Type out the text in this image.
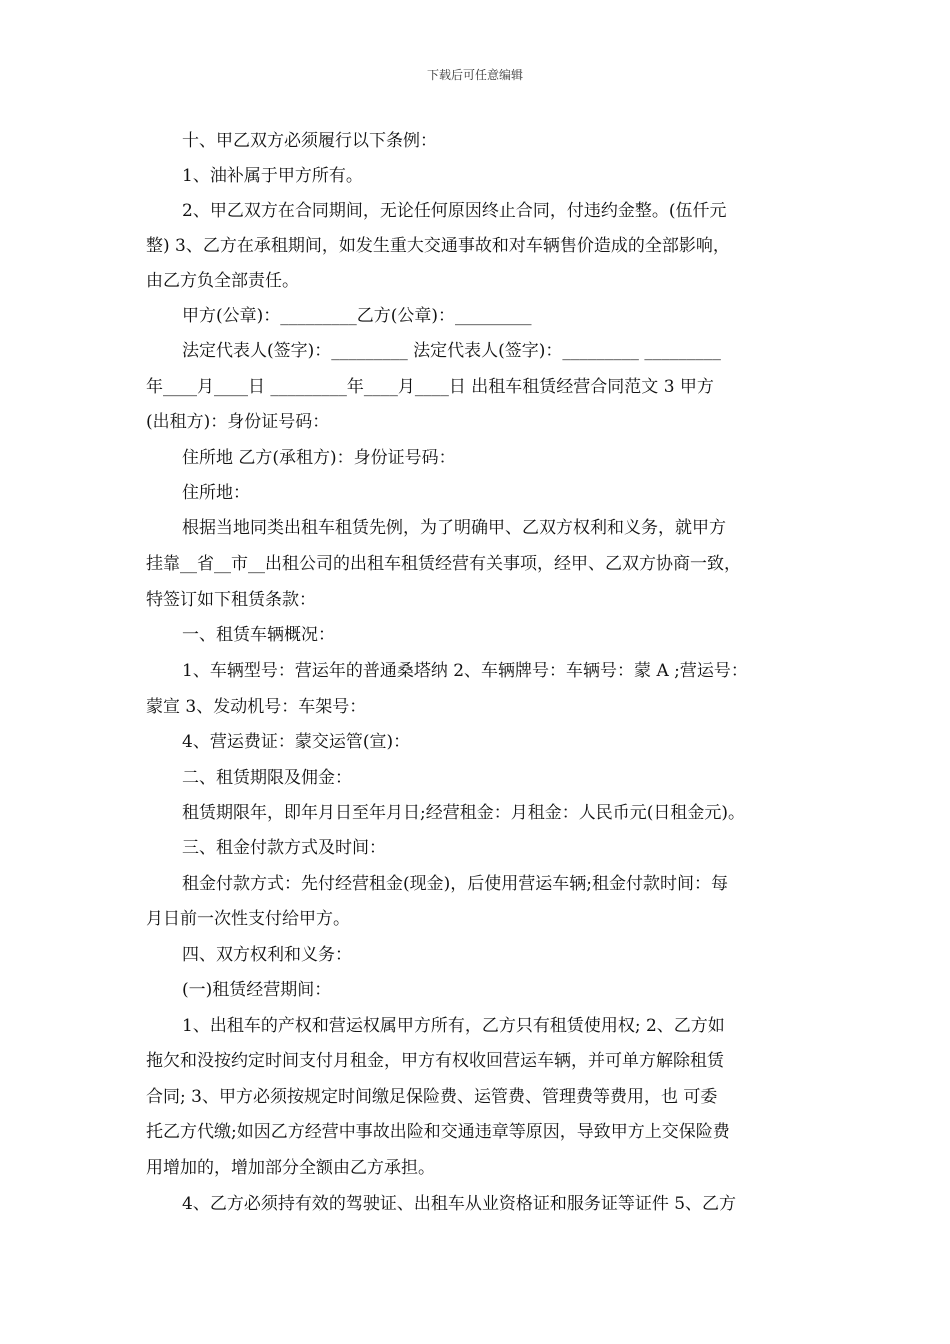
下载后可任意编辑
十、甲乙双方必须履行以下条例：
1、油补属于甲方所有。
2、甲乙双方在合同期间，无论任何原因终止合同，付违约金整。(伍仟元
整) 3、乙方在承租期间，如发生重大交通事故和对车辆售价造成的全部影响，
由乙方负全部责任。
甲方(公章)：_________乙方(公章)：_________
法定代表人(签字)：_________ 法定代表人(签字)：_________ _________
年____月____日 _________年____月____日 出租车租赁经营合同范文 3 甲方
(出租方)：身份证号码：
住所地 乙方(承租方)：身份证号码：
住所地：
根据当地同类出租车租赁先例，为了明确甲、乙双方权利和义务，就甲方
挂靠__省__市__出租公司的出租车租赁经营有关事项，经甲、乙双方协商一致，
特签订如下租赁条款：
一、租赁车辆概况：
1、车辆型号：营运年的普通桑塔纳 2、车辆牌号：车辆号：蒙 A ;营运号：
蒙宣 3、发动机号：车架号：
4、营运费证：蒙交运管(宣)：
二、租赁期限及佣金：
租赁期限年，即年月日至年月日;经营租金：月租金：人民币元(日租金元)。
三、租金付款方式及时间：
租金付款方式：先付经营租金(现金)，后使用营运车辆;租金付款时间：每
月日前一次性支付给甲方。
四、双方权利和义务：
(一)租赁经营期间：
1、出租车的产权和营运权属甲方所有，乙方只有租赁使用权; 2、乙方如
拖欠和没按约定时间支付月租金，甲方有权收回营运车辆，并可单方解除租赁
合同; 3、甲方必须按规定时间缴足保险费、运管费、管理费等费用，也 可委
托乙方代缴;如因乙方经营中事故出险和交通违章等原因，导致甲方上交保险费
用增加的，增加部分全额由乙方承担。
4、乙方必须持有效的驾驶证、出租车从业资格证和服务证等证件 5、乙方
